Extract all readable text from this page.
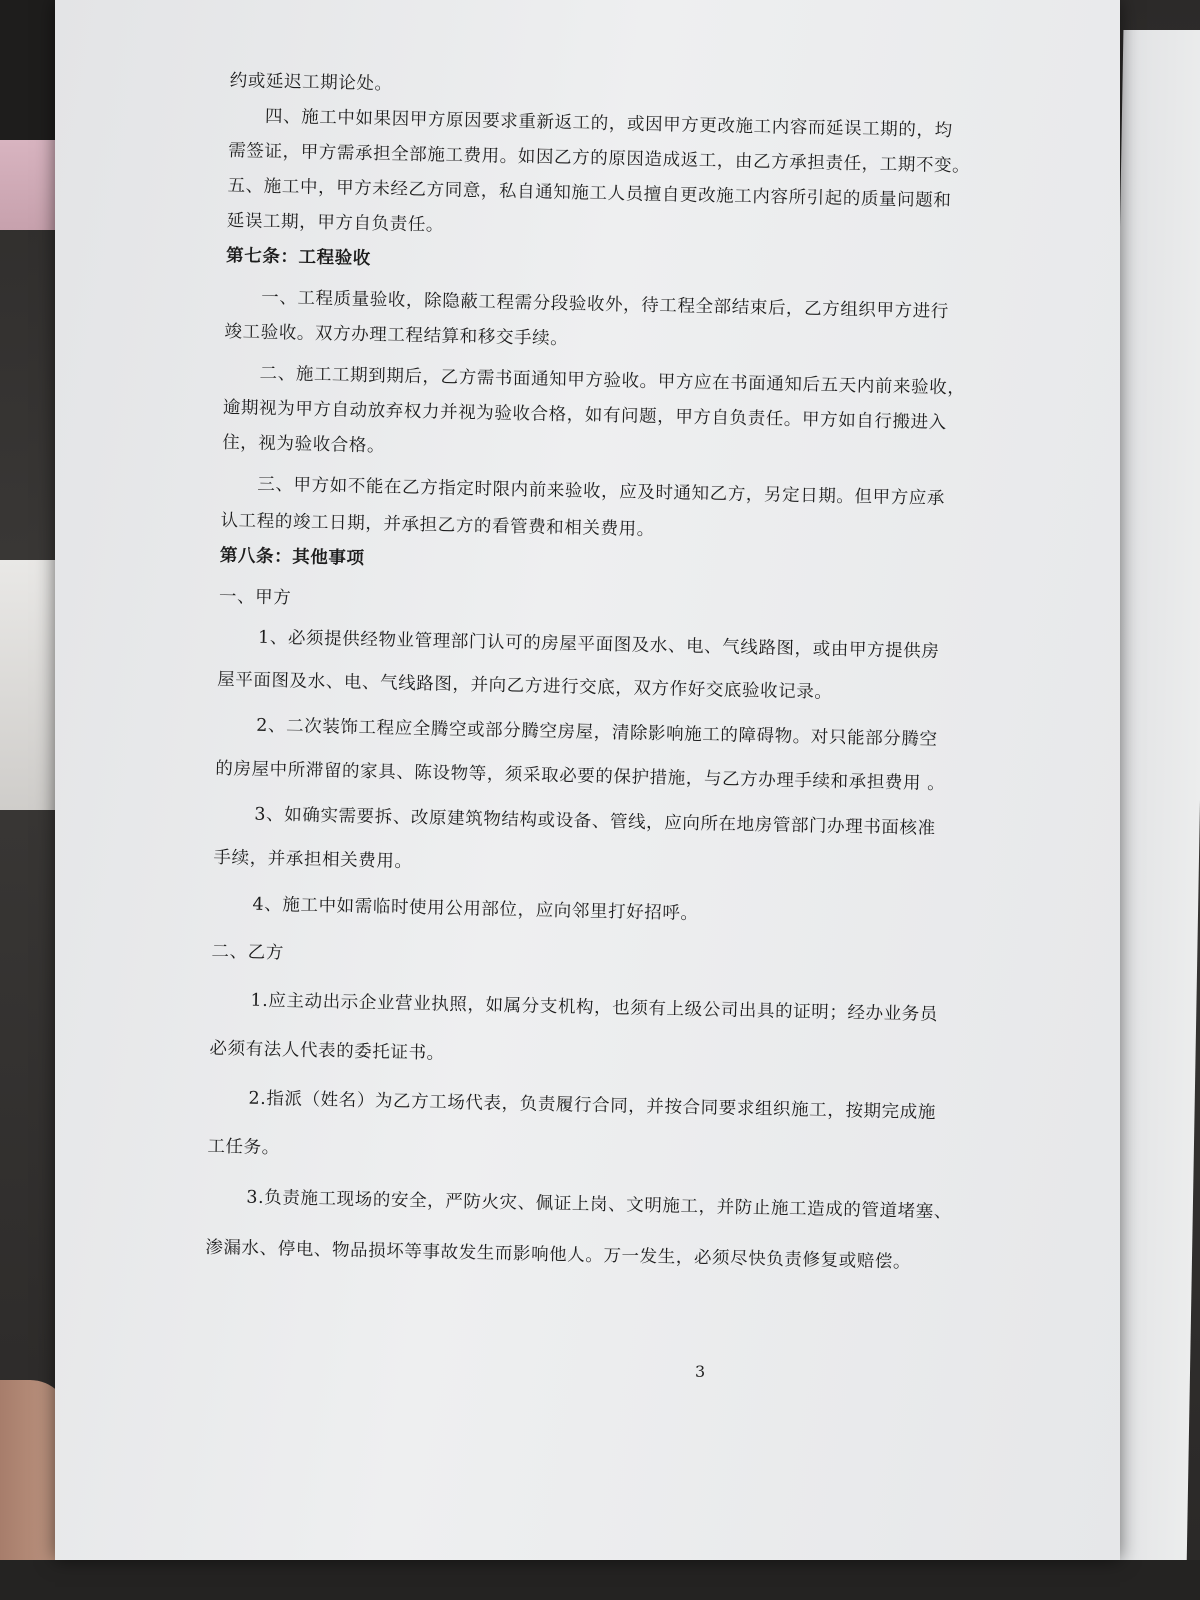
约或延迟工期论处。

四、施工中如果因甲方原因要求重新返工的，或因甲方更改施工内容而延误工期的，均

需签证，甲方需承担全部施工费用。如因乙方的原因造成返工，由乙方承担责任，工期不变。

五、施工中，甲方未经乙方同意，私自通知施工人员擅自更改施工内容所引起的质量问题和

延误工期，甲方自负责任。

第七条：工程验收

一、工程质量验收，除隐蔽工程需分段验收外，待工程全部结束后，乙方组织甲方进行

竣工验收。双方办理工程结算和移交手续。

二、施工工期到期后，乙方需书面通知甲方验收。甲方应在书面通知后五天内前来验收，

逾期视为甲方自动放弃权力并视为验收合格，如有问题，甲方自负责任。甲方如自行搬进入

住，视为验收合格。

三、甲方如不能在乙方指定时限内前来验收，应及时通知乙方，另定日期。但甲方应承

认工程的竣工日期，并承担乙方的看管费和相关费用。

第八条：其他事项

一、甲方

1、必须提供经物业管理部门认可的房屋平面图及水、电、气线路图，或由甲方提供房

屋平面图及水、电、气线路图，并向乙方进行交底，双方作好交底验收记录。

2、二次装饰工程应全腾空或部分腾空房屋，清除影响施工的障碍物。对只能部分腾空

的房屋中所滞留的家具、陈设物等，须采取必要的保护措施，与乙方办理手续和承担费用 。

3、如确实需要拆、改原建筑物结构或设备、管线，应向所在地房管部门办理书面核准

手续，并承担相关费用。

4、施工中如需临时使用公用部位，应向邻里打好招呼。

二、乙方

1.应主动出示企业营业执照，如属分支机构，也须有上级公司出具的证明；经办业务员

必须有法人代表的委托证书。

2.指派（姓名）为乙方工场代表，负责履行合同，并按合同要求组织施工，按期完成施

工任务。

3.负责施工现场的安全，严防火灾、佩证上岗、文明施工，并防止施工造成的管道堵塞、

渗漏水、停电、物品损坏等事故发生而影响他人。万一发生，必须尽快负责修复或赔偿。

3
